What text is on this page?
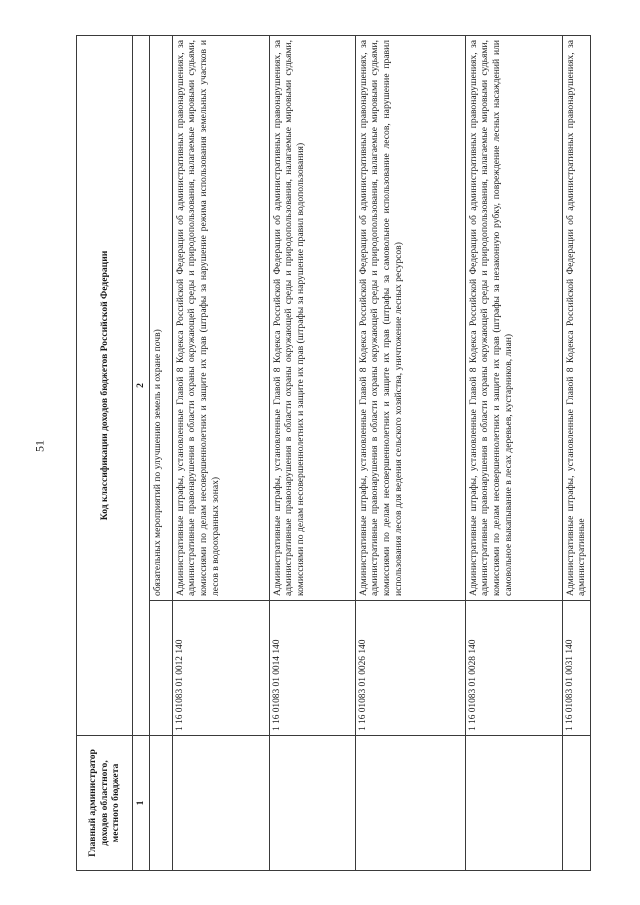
51
Главный администратор доходов областного, местного бюджета	Код классификации доходов бюджетов Российской Федерации	
1	2	
		обязательных мероприятий по улучшению земель и охране почв)
	1 16 01083 01 0012 140	Административные штрафы, установленные Главой 8 Кодекса Российской Федерации об административных правонарушениях, за административные правонарушения в области охраны окружающей среды и природопользования, налагаемые мировыми судьями, комиссиями по делам несовершеннолетних и защите их прав (штрафы за нарушение режима использования земельных участков и лесов в водоохранных зонах)
	1 16 01083 01 0014 140	Административные штрафы, установленные Главой 8 Кодекса Российской Федерации об административных правонарушениях, за административные правонарушения в области охраны окружающей среды и природопользования, налагаемые мировыми судьями, комиссиями по делам несовершеннолетних и защите их прав (штрафы за нарушение правил водопользования)
	1 16 01083 01 0026 140	Административные штрафы, установленные Главой 8 Кодекса Российской Федерации об административных правонарушениях, за административные правонарушения в области охраны окружающей среды и природопользования, налагаемые мировыми судьями, комиссиями по делам несовершеннолетних и защите их прав (штрафы за самовольное использование лесов, нарушение правил использования лесов для ведения сельского хозяйства, уничтожение лесных ресурсов)
	1 16 01083 01 0028 140	Административные штрафы, установленные Главой 8 Кодекса Российской Федерации об административных правонарушениях, за административные правонарушения в области охраны окружающей среды и природопользования, налагаемые мировыми судьями, комиссиями по делам несовершеннолетних и защите их прав (штрафы за незаконную рубку, повреждение лесных насаждений или самовольное выкапывание в лесах деревьев, кустарников, лиан)
	1 16 01083 01 0031 140	Административные штрафы, установленные Главой 8 Кодекса Российской Федерации об административных правонарушениях, за административные
